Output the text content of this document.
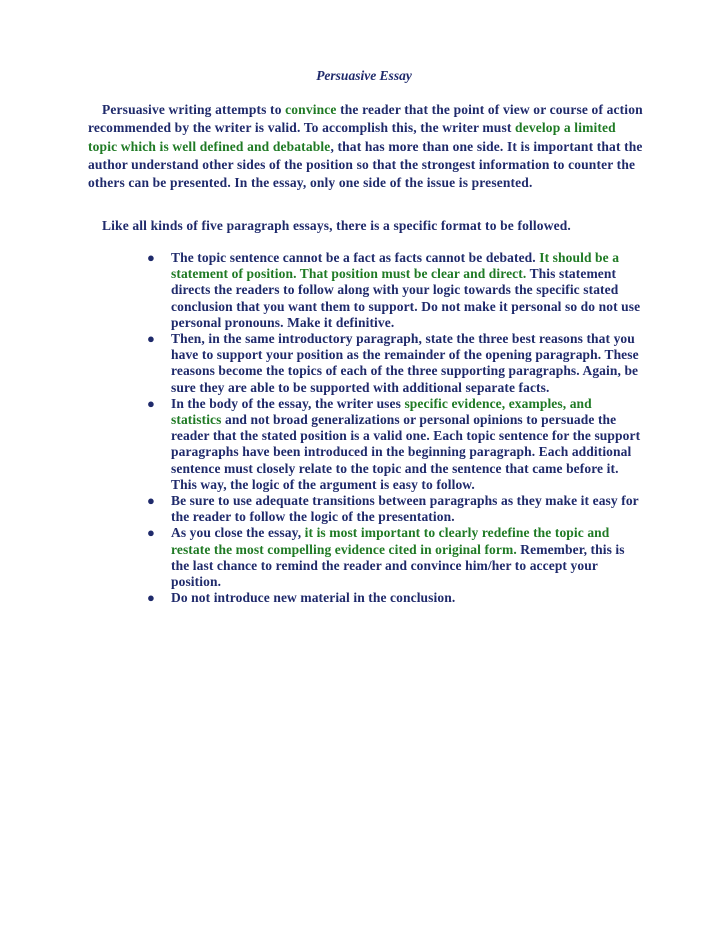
Persuasive Essay
Persuasive writing attempts to convince the reader that the point of view or course of action recommended by the writer is valid. To accomplish this, the writer must develop a limited topic which is well defined and debatable, that has more than one side. It is important that the author understand other sides of the position so that the strongest information to counter the others can be presented. In the essay, only one side of the issue is presented.
Like all kinds of five paragraph essays, there is a specific format to be followed.
● The topic sentence cannot be a fact as facts cannot be debated. It should be a statement of position. That position must be clear and direct. This statement directs the readers to follow along with your logic towards the specific stated conclusion that you want them to support. Do not make it personal so do not use personal pronouns. Make it definitive.
● Then, in the same introductory paragraph, state the three best reasons that you have to support your position as the remainder of the opening paragraph. These reasons become the topics of each of the three supporting paragraphs. Again, be sure they are able to be supported with additional separate facts.
● In the body of the essay, the writer uses specific evidence, examples, and statistics and not broad generalizations or personal opinions to persuade the reader that the stated position is a valid one. Each topic sentence for the support paragraphs have been introduced in the beginning paragraph. Each additional sentence must closely relate to the topic and the sentence that came before it. This way, the logic of the argument is easy to follow.
● Be sure to use adequate transitions between paragraphs as they make it easy for the reader to follow the logic of the presentation.
● As you close the essay, it is most important to clearly redefine the topic and restate the most compelling evidence cited in original form. Remember, this is the last chance to remind the reader and convince him/her to accept your position.
● Do not introduce new material in the conclusion.
